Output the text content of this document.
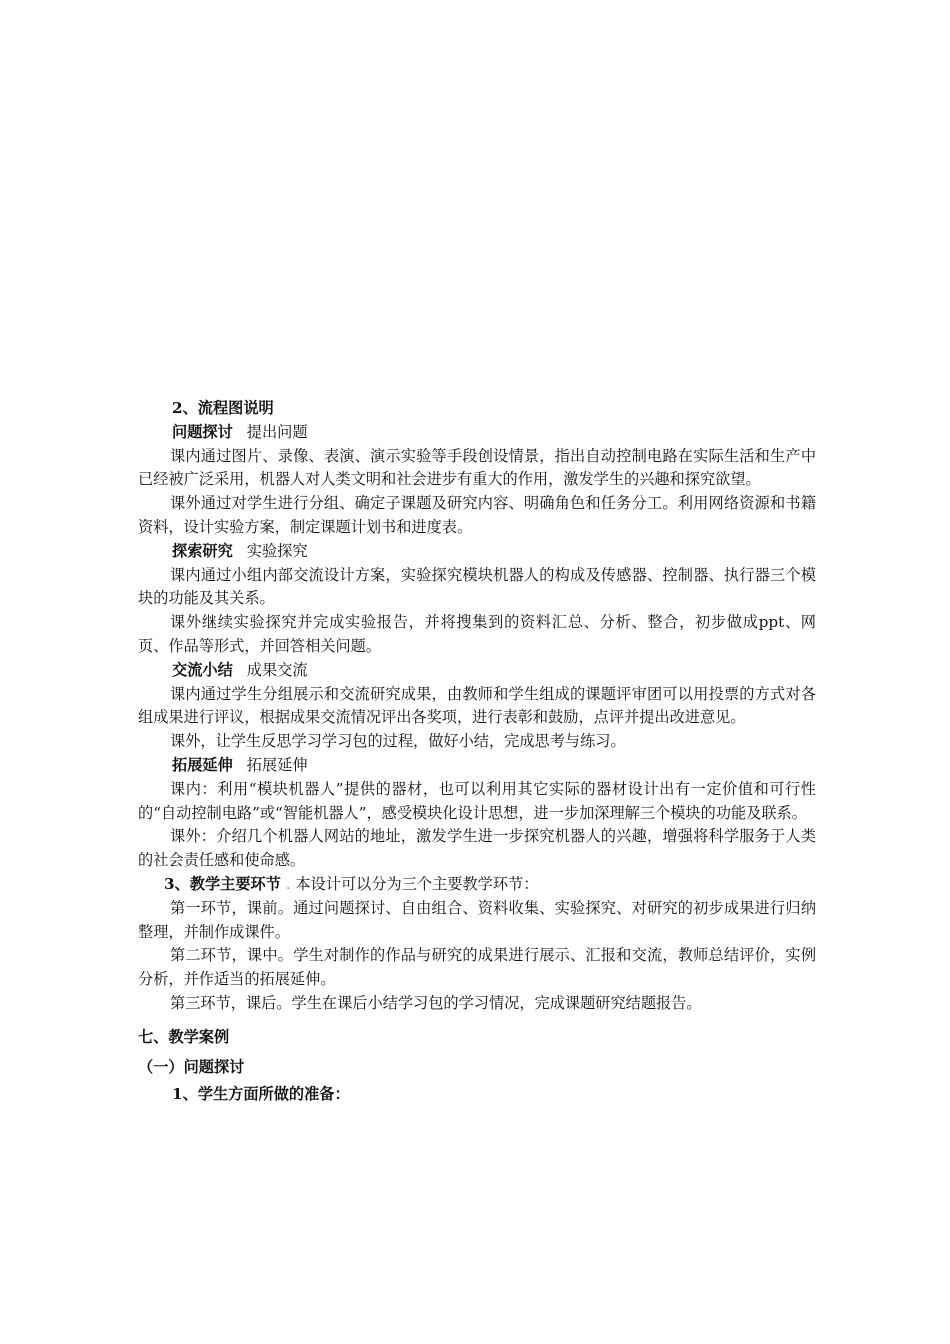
2、流程图说明
问题探讨 提出问题

课内通过图片、录像、表演、演示实验等手段创设情景，指出自动控制电路在实际生活和生产中已经被广泛采用，机器人对人类文明和社会进步有重大的作用，激发学生的兴趣和探究欲望。

课外通过对学生进行分组、确定子课题及研究内容、明确角色和任务分工。利用网络资源和书籍资料，设计实验方案，制定课题计划书和进度表。

探索研究 实验探究

课内通过小组内部交流设计方案，实验探究模块机器人的构成及传感器、控制器、执行器三个模块的功能及其关系。

课外继续实验探究并完成实验报告，并将搜集到的资料汇总、分析、整合，初步做成ppt、网页、作品等形式，并回答相关问题。

交流小结 成果交流

课内通过学生分组展示和交流研究成果，由教师和学生组成的课题评审团可以用投票的方式对各组成果进行评议，根据成果交流情况评出各奖项，进行表彰和鼓励，点评并提出改进意见。

课外，让学生反思学习学习包的过程，做好小结，完成思考与练习。

拓展延伸 拓展延伸

课内：利用“模块机器人”提供的器材，也可以利用其它实际的器材设计出有一定价值和可行性的“自动控制电路”或“智能机器人”，感受模块化设计思想，进一步加深理解三个模块的功能及联系。

课外：介绍几个机器人网站的地址，激发学生进一步探究机器人的兴趣，增强将科学服务于人类的社会责任感和使命感。

3、教学主要环节 . 本设计可以分为三个主要教学环节：

第一环节，课前。通过问题探讨、自由组合、资料收集、实验探究、对研究的初步成果进行归纳整理，并制作成课件。

第二环节，课中。学生对制作的作品与研究的成果进行展示、汇报和交流，教师总结评价，实例分析，并作适当的拓展延伸。

第三环节，课后。学生在课后小结学习包的学习情况，完成课题研究结题报告。

七、教学案例
（一）问题探讨
1、学生方面所做的准备：
